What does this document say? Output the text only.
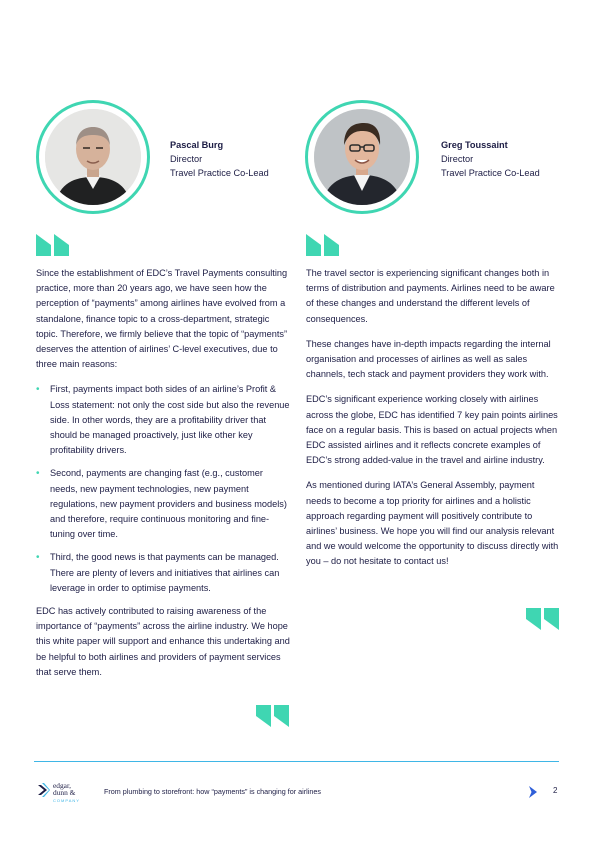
Pascal Burg
Director
Travel Practice Co-Lead
Greg Toussaint
Director
Travel Practice Co-Lead

Since the establishment of EDC’s Travel Payments consulting practice, more than 20 years ago, we have seen how the perception of “payments” among airlines have evolved from a standalone, finance topic to a cross-department, strategic topic. Therefore, we firmly believe that the topic of “payments” deserves the attention of airlines’ C-level executives, due to three main reasons:

• First, payments impact both sides of an airline’s Profit & Loss statement: not only the cost side but also the revenue side. In other words, they are a profitability driver that should be managed proactively, just like other key profitability drivers.
• Second, payments are changing fast (e.g., customer needs, new payment technologies, new payment regulations, new payment providers and business models) and therefore, require continuous monitoring and fine-tuning over time.
• Third, the good news is that payments can be managed. There are plenty of levers and initiatives that airlines can leverage in order to optimise payments.

EDC has actively contributed to raising awareness of the importance of “payments” across the airline industry. We hope this white paper will support and enhance this undertaking and be helpful to both airlines and providers of payment services that serve them.

The travel sector is experiencing significant changes both in terms of distribution and payments. Airlines need to be aware of these changes and understand the different levels of consequences.

These changes have in-depth impacts regarding the internal organisation and processes of airlines as well as sales channels, tech stack and payment providers they work with.

EDC’s significant experience working closely with airlines across the globe, EDC has identified 7 key pain points airlines face on a regular basis. This is based on actual projects when EDC assisted airlines and it reflects concrete examples of EDC’s strong added-value in the travel and airline industry.

As mentioned during IATA’s General Assembly, payment needs to become a top priority for airlines and a holistic approach regarding payment will positively contribute to airlines’ business. We hope you will find our analysis relevant and we would welcome the opportunity to discuss directly with you – do not hesitate to contact us!

edgar,
dunn &
COMPANY
From plumbing to storefront: how “payments” is changing for airlines	2
